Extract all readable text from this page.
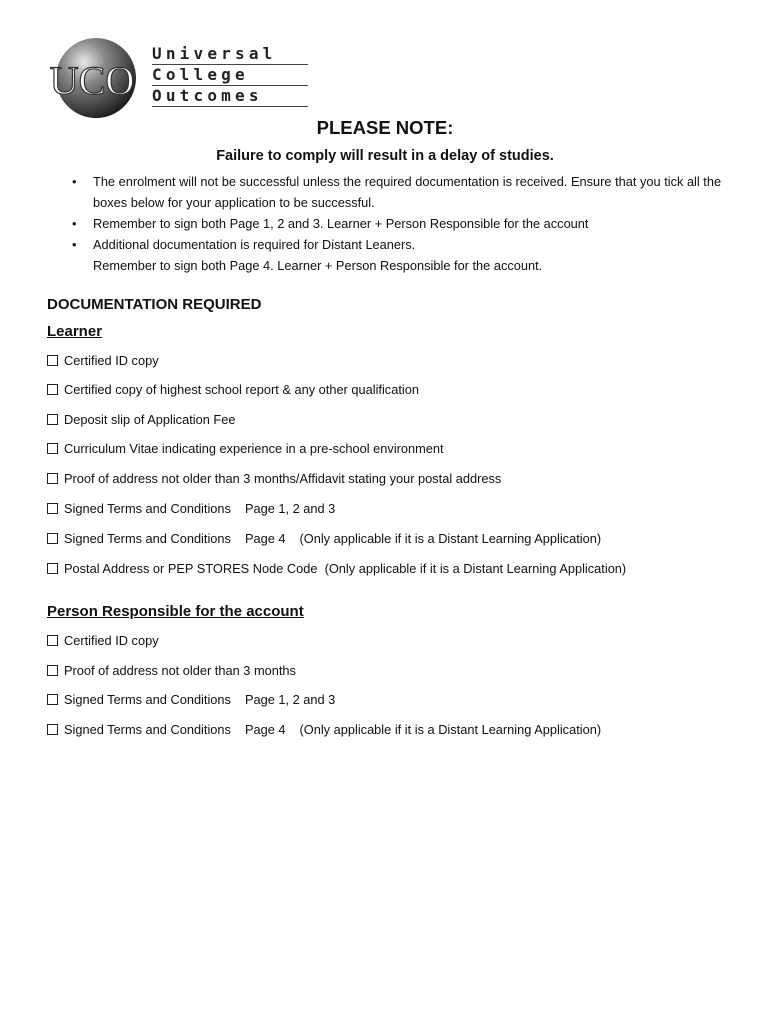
UCO
Universal
College
Outcomes
PLEASE NOTE:
Failure to comply will result in a delay of studies.
• The enrolment will not be successful unless the required documentation is received. Ensure that you tick all the boxes below for your application to be successful.
• Remember to sign both Page 1, 2 and 3. Learner + Person Responsible for the account
• Additional documentation is required for Distant Leaners.
Remember to sign both Page 4. Learner + Person Responsible for the account.
DOCUMENTATION REQUIRED
Learner
Certified ID copy
Certified copy of highest school report & any other qualification
Deposit slip of Application Fee
Curriculum Vitae indicating experience in a pre-school environment
Proof of address not older than 3 months/Affidavit stating your postal address
Signed Terms and Conditions Page 1, 2 and 3
Signed Terms and Conditions Page 4 (Only applicable if it is a Distant Learning Application)
Postal Address or PEP STORES Node Code (Only applicable if it is a Distant Learning Application)
Person Responsible for the account
Certified ID copy
Proof of address not older than 3 months
Signed Terms and Conditions Page 1, 2 and 3
Signed Terms and Conditions Page 4 (Only applicable if it is a Distant Learning Application)
